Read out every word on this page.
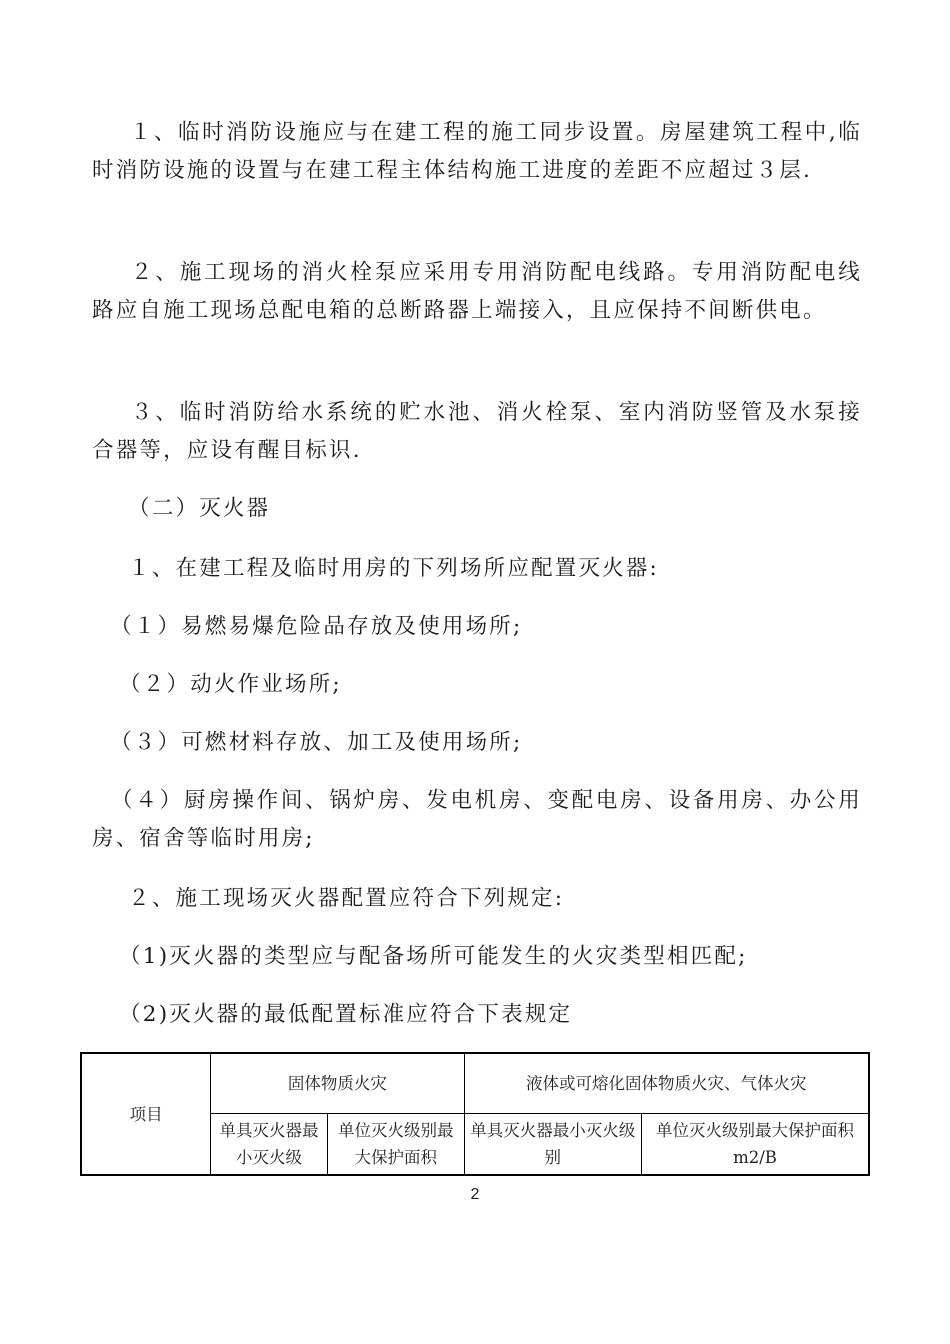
１、临时消防设施应与在建工程的施工同步设置。房屋建筑工程中,临时消防设施的设置与在建工程主体结构施工进度的差距不应超过３层.

２、施工现场的消火栓泵应采用专用消防配电线路。专用消防配电线路应自施工现场总配电箱的总断路器上端接入，且应保持不间断供电。

３、临时消防给水系统的贮水池、消火栓泵、室内消防竖管及水泵接合器等，应设有醒目标识.

（二）灭火器

１、在建工程及临时用房的下列场所应配置灭火器:

（１）易燃易爆危险品存放及使用场所;

（２）动火作业场所;

（３）可燃材料存放、加工及使用场所;

（４）厨房操作间、锅炉房、发电机房、变配电房、设备用房、办公用房、宿舍等临时用房;

２、施工现场灭火器配置应符合下列规定:

（1)灭火器的类型应与配备场所可能发生的火灾类型相匹配;

（2)灭火器的最低配置标准应符合下表规定

项目	固体物质火灾		液体或可熔化固体物质火灾、气体火灾	
	单具灭火器最小灭火级	单位灭火级别最大保护面积	单具灭火器最小灭火级别	单位灭火级别最大保护面积 m2/B
2
